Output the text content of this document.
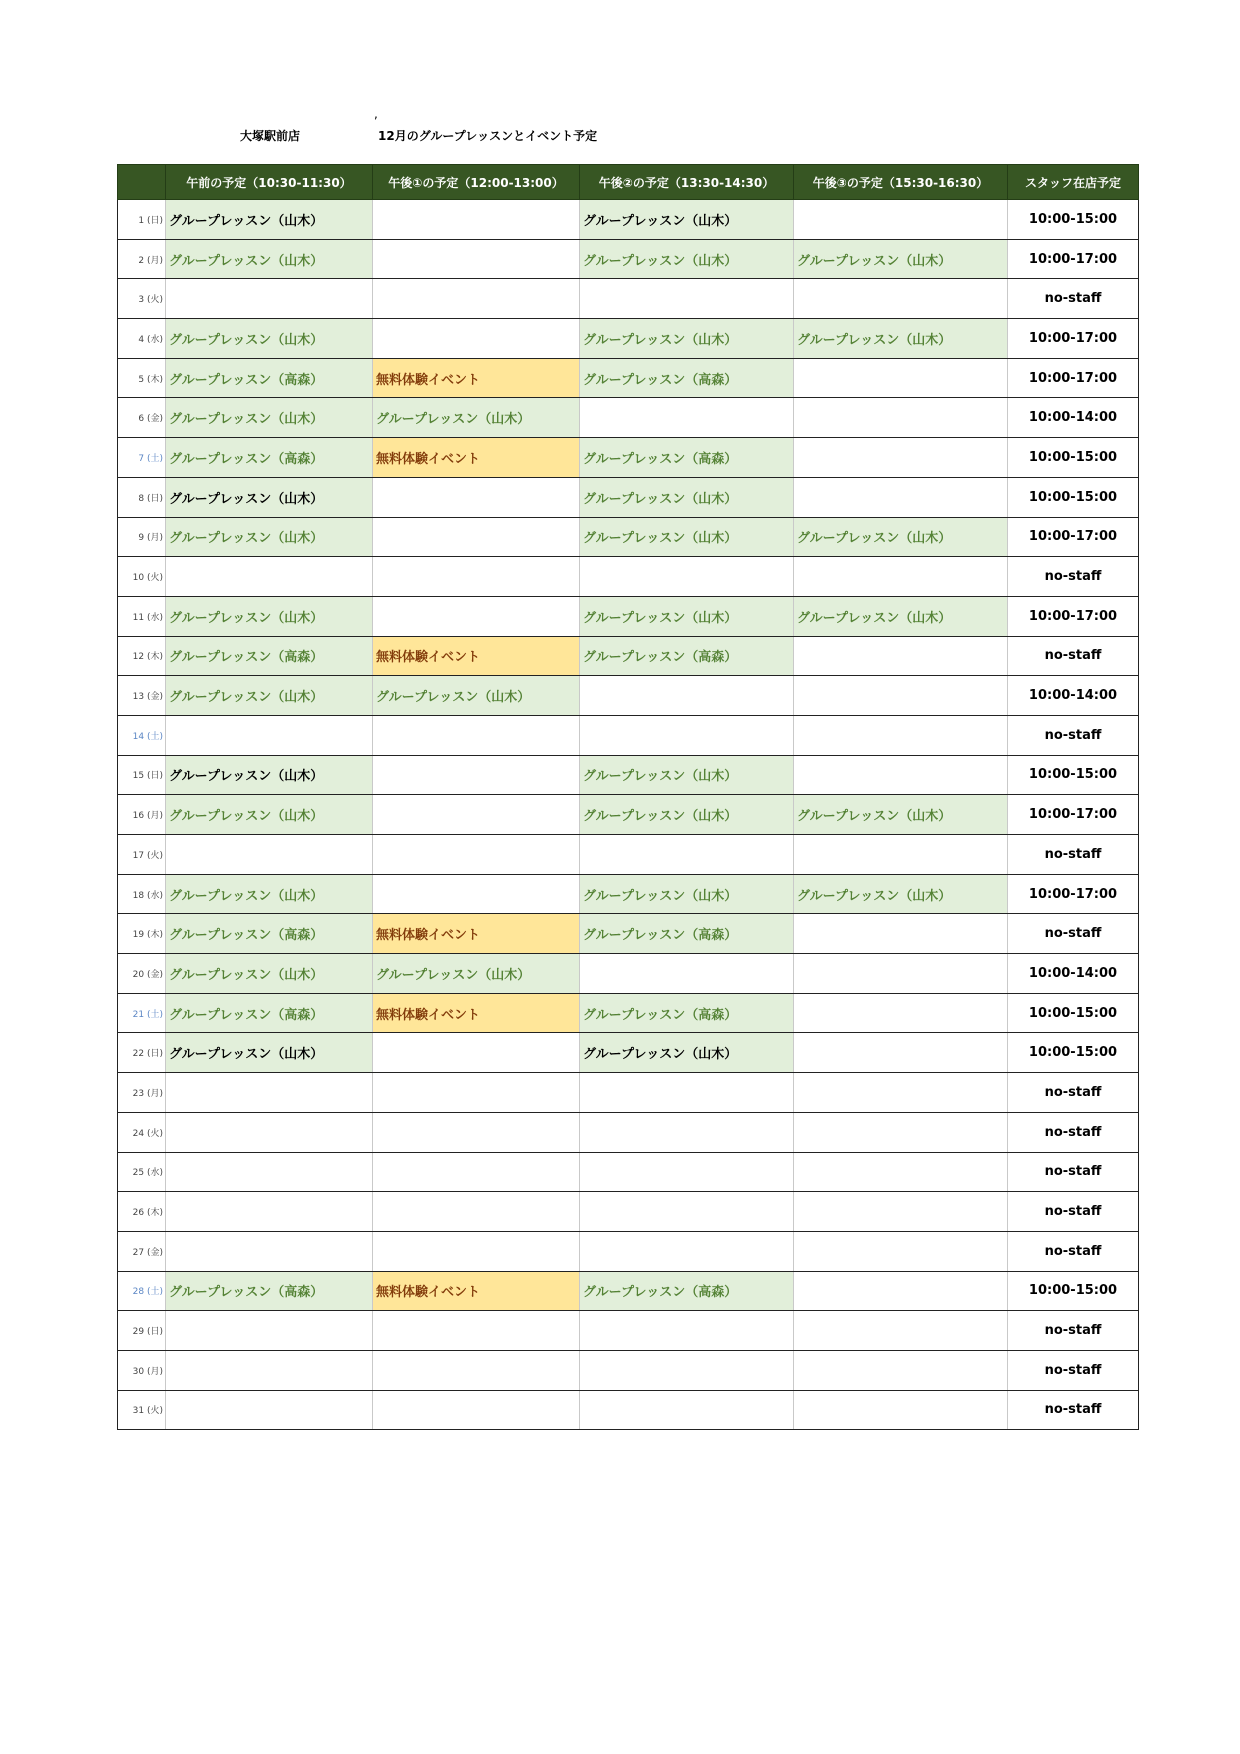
,
大塚駅前店	12月のグループレッスンとイベント予定
	午前の予定（10:30-11:30）	午後①の予定（12:00-13:00）	午後②の予定（13:30-14:30）	午後③の予定（15:30-16:30）	スタッフ在店予定
1 (日)	グループレッスン（山木）		グループレッスン（山木）		10:00-15:00
2 (月)	グループレッスン（山木）		グループレッスン（山木）	グループレッスン（山木）	10:00-17:00
3 (火)					no-staff
4 (水)	グループレッスン（山木）		グループレッスン（山木）	グループレッスン（山木）	10:00-17:00
5 (木)	グループレッスン（高森）	無料体験イベント	グループレッスン（高森）		10:00-17:00
6 (金)	グループレッスン（山木）	グループレッスン（山木）			10:00-14:00
7 (土)	グループレッスン（高森）	無料体験イベント	グループレッスン（高森）		10:00-15:00
8 (日)	グループレッスン（山木）		グループレッスン（山木）		10:00-15:00
9 (月)	グループレッスン（山木）		グループレッスン（山木）	グループレッスン（山木）	10:00-17:00
10 (火)					no-staff
11 (水)	グループレッスン（山木）		グループレッスン（山木）	グループレッスン（山木）	10:00-17:00
12 (木)	グループレッスン（高森）	無料体験イベント	グループレッスン（高森）		no-staff
13 (金)	グループレッスン（山木）	グループレッスン（山木）			10:00-14:00
14 (土)					no-staff
15 (日)	グループレッスン（山木）		グループレッスン（山木）		10:00-15:00
16 (月)	グループレッスン（山木）		グループレッスン（山木）	グループレッスン（山木）	10:00-17:00
17 (火)					no-staff
18 (水)	グループレッスン（山木）		グループレッスン（山木）	グループレッスン（山木）	10:00-17:00
19 (木)	グループレッスン（高森）	無料体験イベント	グループレッスン（高森）		no-staff
20 (金)	グループレッスン（山木）	グループレッスン（山木）			10:00-14:00
21 (土)	グループレッスン（高森）	無料体験イベント	グループレッスン（高森）		10:00-15:00
22 (日)	グループレッスン（山木）		グループレッスン（山木）		10:00-15:00
23 (月)					no-staff
24 (火)					no-staff
25 (水)					no-staff
26 (木)					no-staff
27 (金)					no-staff
28 (土)	グループレッスン（高森）	無料体験イベント	グループレッスン（高森）		10:00-15:00
29 (日)					no-staff
30 (月)					no-staff
31 (火)					no-staff
